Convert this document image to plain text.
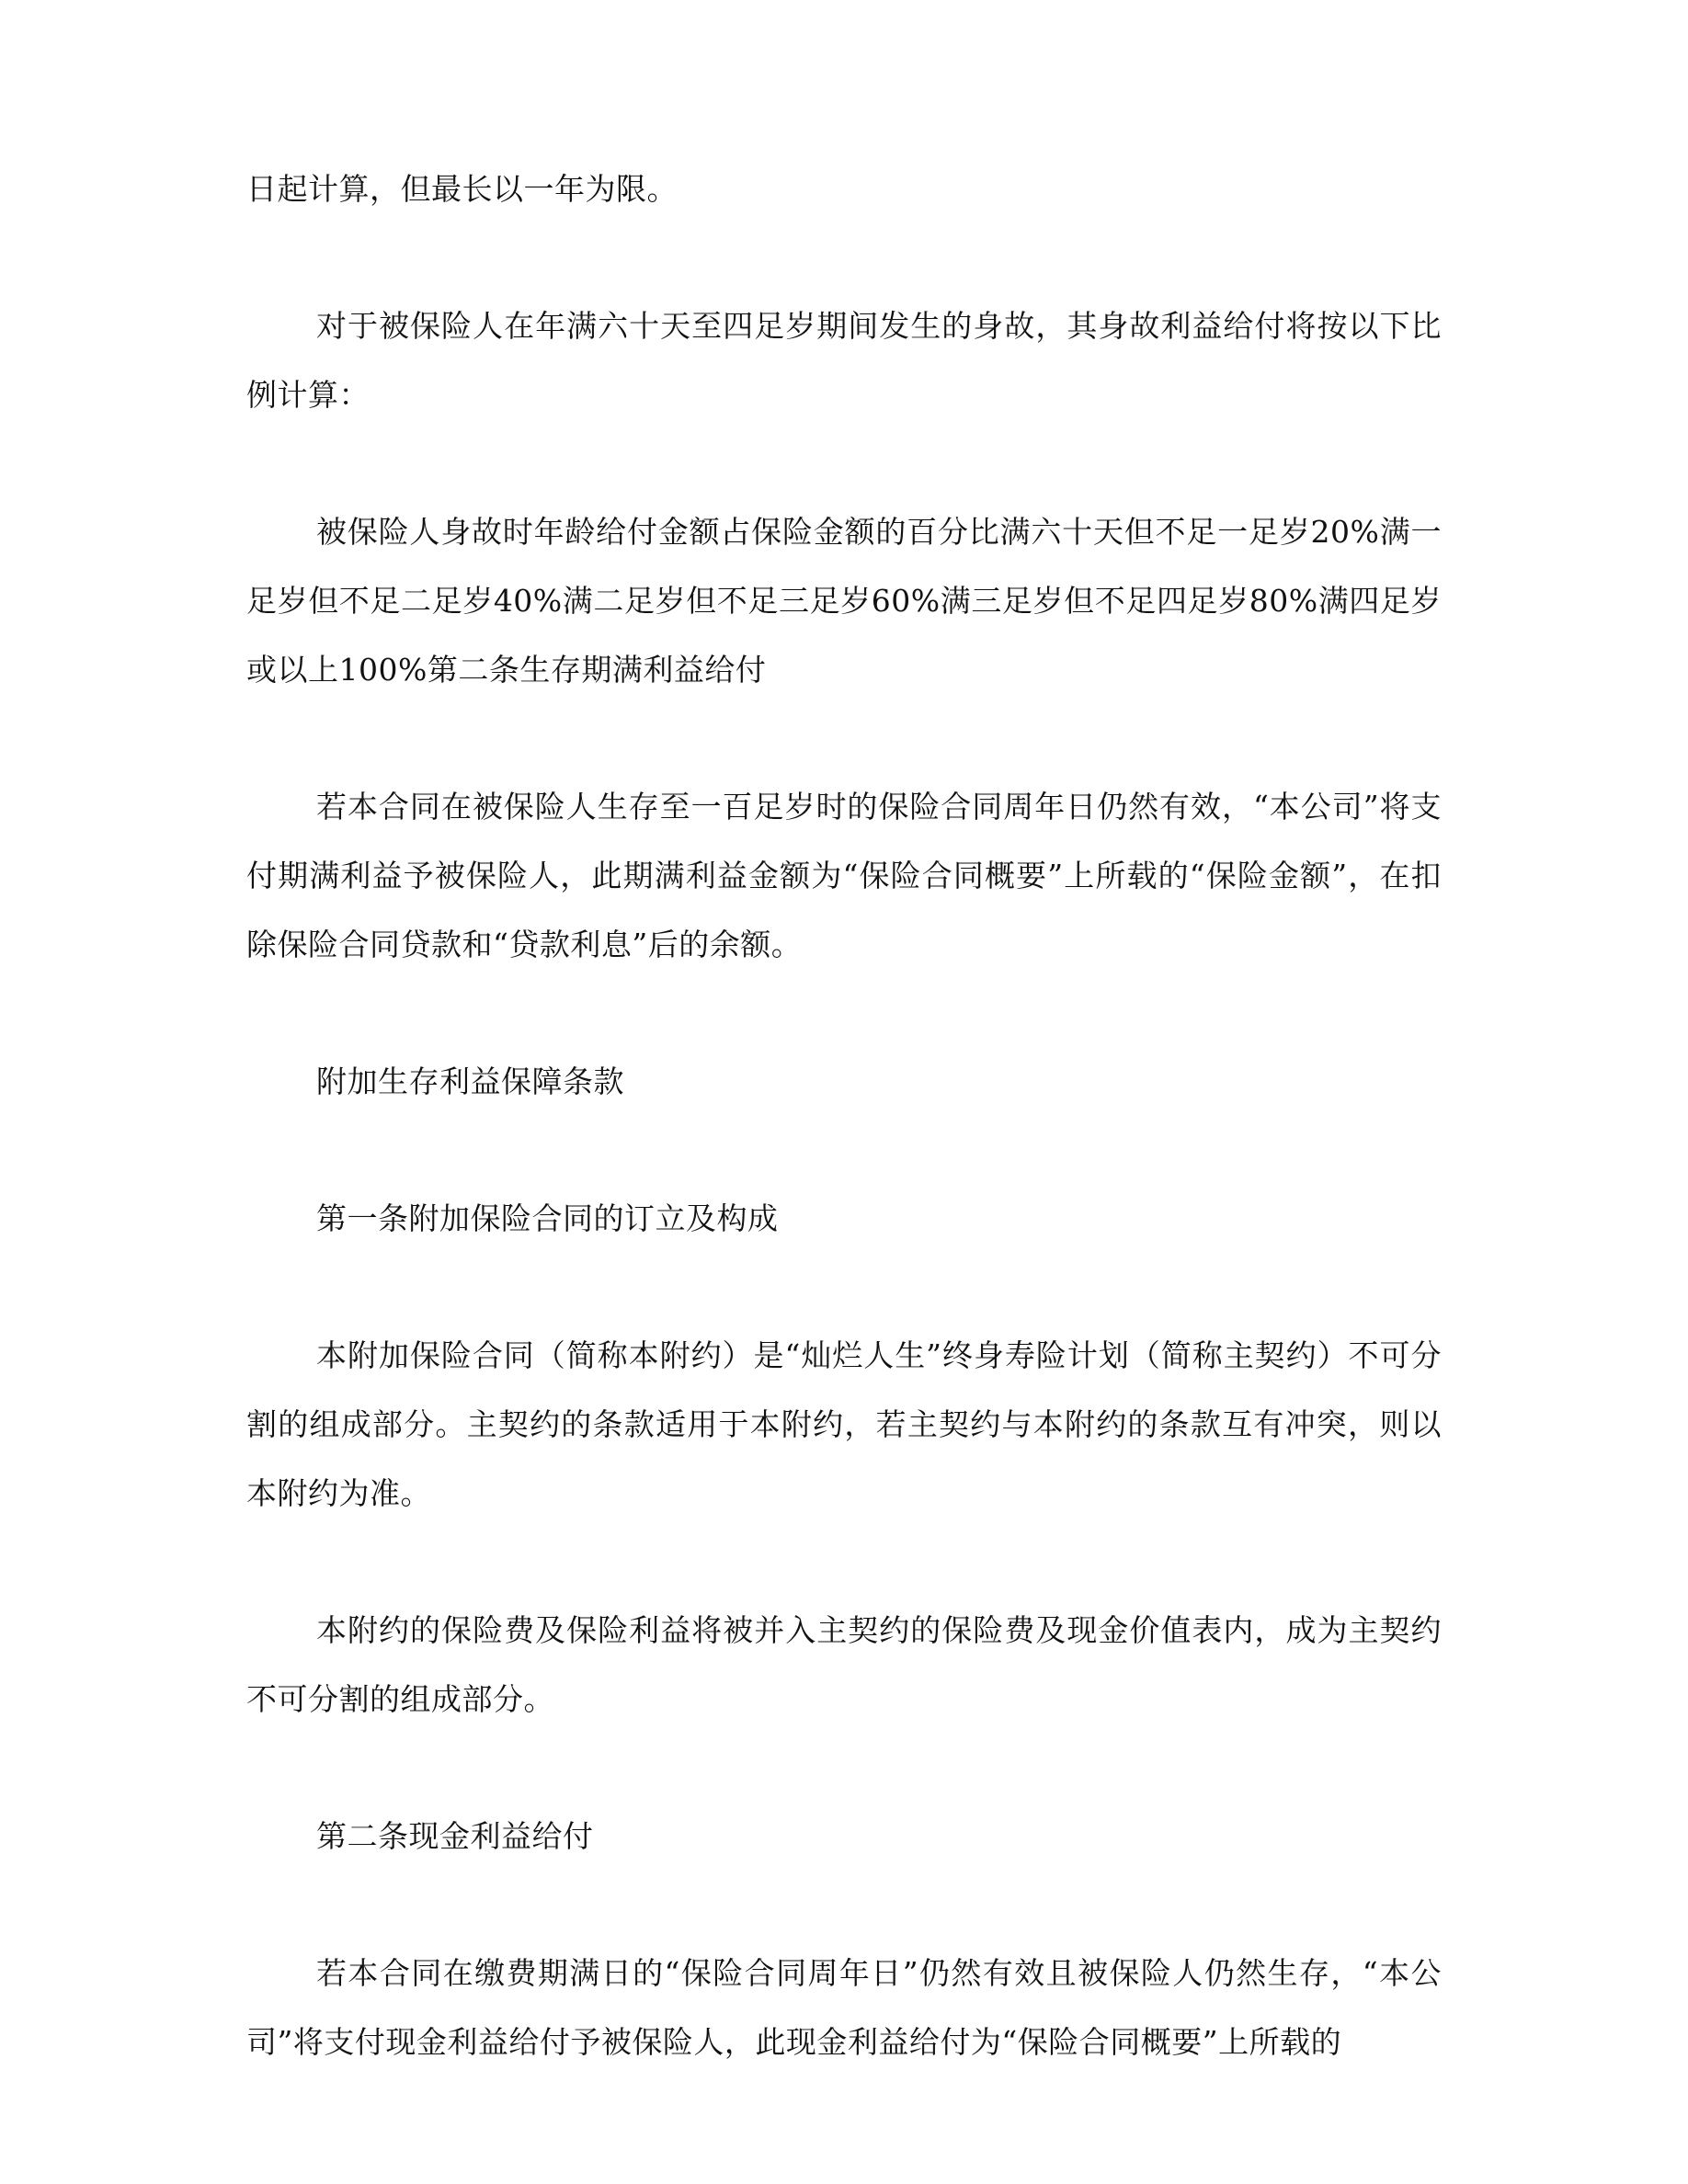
日起计算，但最长以一年为限。

对于被保险人在年满六十天至四足岁期间发生的身故，其身故利益给付将按以下比例计算：

被保险人身故时年龄给付金额占保险金额的百分比满六十天但不足一足岁20%满一足岁但不足二足岁40%满二足岁但不足三足岁60%满三足岁但不足四足岁80%满四足岁或以上100%第二条生存期满利益给付

若本合同在被保险人生存至一百足岁时的保险合同周年日仍然有效，“本公司”将支付期满利益予被保险人，此期满利益金额为“保险合同概要”上所载的“保险金额”，在扣除保险合同贷款和“贷款利息”后的余额。

附加生存利益保障条款

第一条附加保险合同的订立及构成

本附加保险合同（简称本附约）是“灿烂人生”终身寿险计划（简称主契约）不可分割的组成部分。主契约的条款适用于本附约，若主契约与本附约的条款互有冲突，则以本附约为准。

本附约的保险费及保险利益将被并入主契约的保险费及现金价值表内，成为主契约不可分割的组成部分。

第二条现金利益给付

若本合同在缴费期满日的“保险合同周年日”仍然有效且被保险人仍然生存，“本公司”将支付现金利益给付予被保险人，此现金利益给付为“保险合同概要”上所载的
